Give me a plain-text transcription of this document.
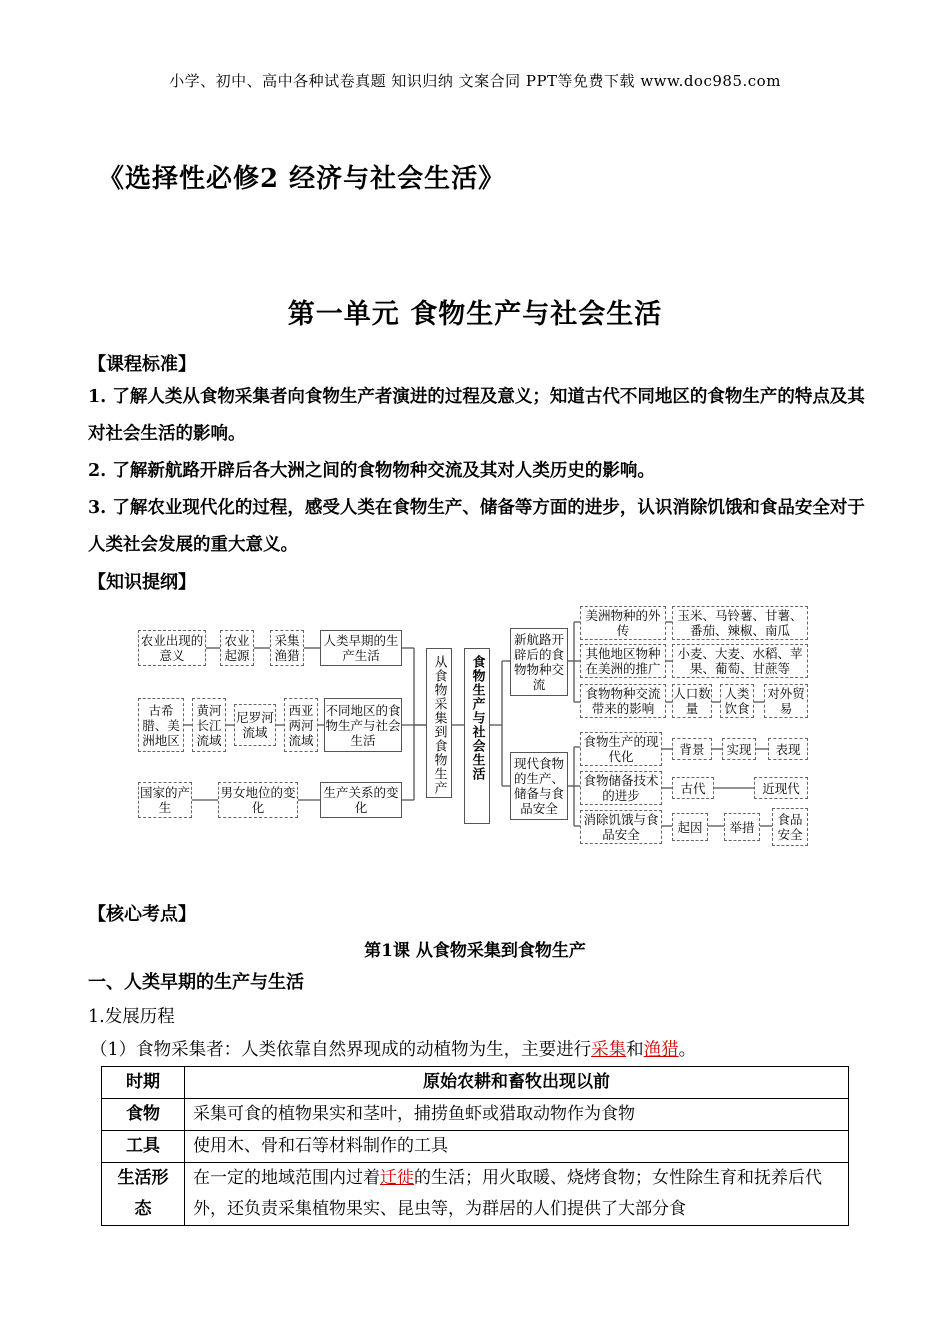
小学、初中、高中各种试卷真题 知识归纳 文案合同 PPT等免费下载 www.doc985.com
《选择性必修2 经济与社会生活》
第一单元 食物生产与社会生活
【课程标准】
1. 了解人类从食物采集者向食物生产者演进的过程及意义；知道古代不同地区的食物生产的特点及其对社会生活的影响。
2. 了解新航路开辟后各大洲之间的食物物种交流及其对人类历史的影响。
3. 了解农业现代化的过程，感受人类在食物生产、储备等方面的进步，认识消除饥饿和食品安全对于人类社会发展的重大意义。
【知识提纲】
农业出现的意义
农业起源
采集渔猎
人类早期的生产生活
古希腊、美洲地区
黄河长江流域
尼罗河流域
西亚两河流域
不同地区的食物生产与社会生活
国家的产生
男女地位的变化
生产关系的变化
从食物采集到食物生产	食物生产与社会生活
新航路开辟后的食物物种交流
现代食物的生产、储备与食品安全
美洲物种的外传
其他地区物种在美洲的推广
食物物种交流带来的影响
玉米、马铃薯、甘薯、番茄、辣椒、南瓜
小麦、大麦、水稻、苹果、葡萄、甘蔗等
人口数量
人类饮食
对外贸易
食物生产的现代化
食物储备技术的进步
消除饥饿与食品安全
背景	实现	表现
古代	近现代
起因	举措	食品安全
【核心考点】
第1课 从食物采集到食物生产
一、人类早期的生产与生活
1.发展历程
（1）食物采集者：人类依靠自然界现成的动植物为生，主要进行采集和渔猎。
时期	原始农耕和畜牧出现以前
食物	采集可食的植物果实和茎叶，捕捞鱼虾或猎取动物作为食物
工具	使用木、骨和石等材料制作的工具
生活形
态	在一定的地域范围内过着迁徙的生活；用火取暖、烧烤食物；女性除生育和抚养后代外，还负责采集植物果实、昆虫等，为群居的人们提供了大部分食
